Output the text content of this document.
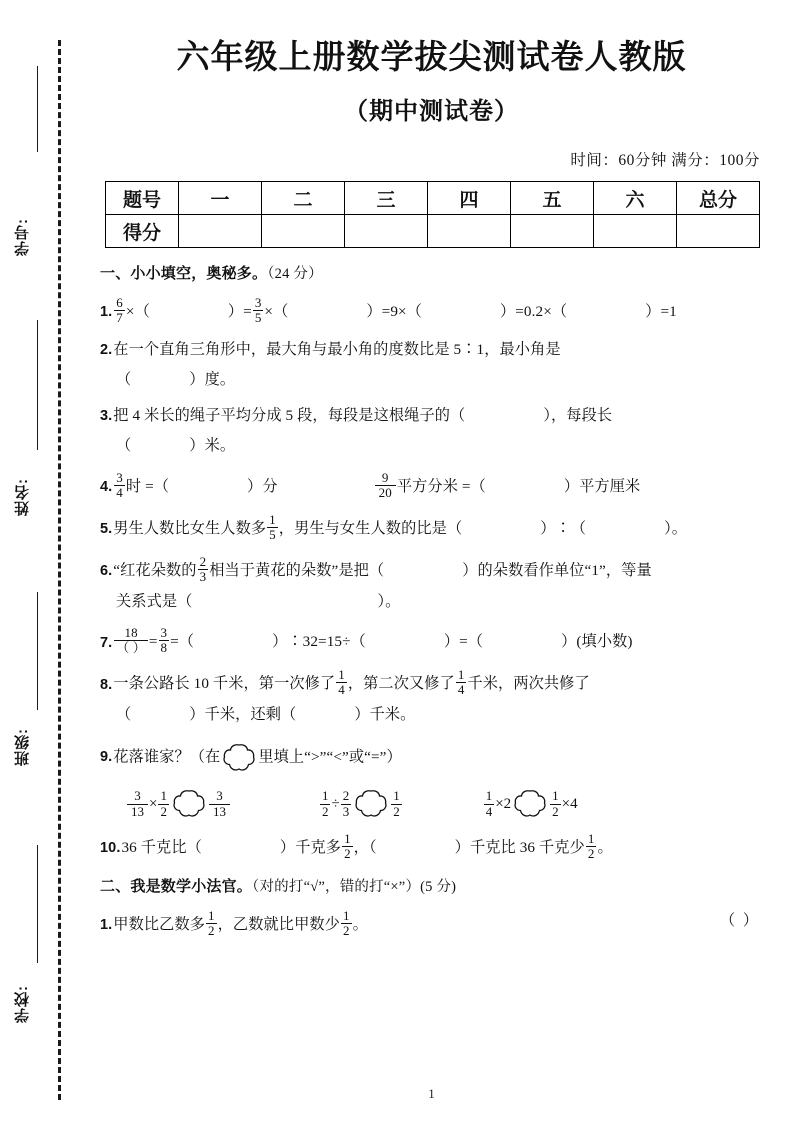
学号:
姓名:
班级:
学校:
六年级上册数学拔尖测试卷人教版
（期中测试卷）
时间：60分钟 满分：100分
题号	一	二	三	四	五	六	总分
得分							
一、小小填空，奥秘多。（24 分）
1. $\frac{6}{7}$ ×（	）= $\frac{3}{5}$ ×（	）=9×（	）=0.2×（	）=1
2.在一个直角三角形中，最大角与最小角的度数比是 5∶1，最小角是
（	）度。
3.把 4 米长的绳子平均分成 5 段，每段是这根绳子的（	），每段长
（	）米。
4. $\frac{3}{4}$ 时 =（	）分	$\frac{9}{20}$ 平方分米 =（	）平方厘米
5.男生人数比女生人数多 $\frac{1}{5}$ ，男生与女生人数的比是（	）∶（	）。
6.“红花朵数的 $\frac{2}{3}$ 相当于黄花的朵数”是把（	）的朵数看作单位“1”，等量
关系式是（	）。
7. $\frac{18}{( )} = \frac{3}{8}$ =（	）∶32=15÷（	）=（	）(填小数)
8.一条公路长 10 千米，第一次修了 $\frac{1}{4}$ ，第二次又修了 $\frac{1}{4}$ 千米，两次共修了
（	）千米，还剩（	）千米。
9.花落谁家？（在	里填上“>”“<”或“=”）
$\frac{3}{13} \times \frac{1}{2}$	$\frac{3}{13}$	$\frac{1}{2} \div \frac{2}{3}$	$\frac{1}{2}$	$\frac{1}{4} \times 2$	$\frac{1}{2} \times 4$
10.36 千克比（	）千克多 $\frac{1}{2}$ ，（	）千克比 36 千克少 $\frac{1}{2}$ 。
二、我是数学小法官。（对的打“√”，错的打“×”）(5 分)
（ ）
1.甲数比乙数多 $\frac{1}{2}$ ，乙数就比甲数少 $\frac{1}{2}$ 。
1
